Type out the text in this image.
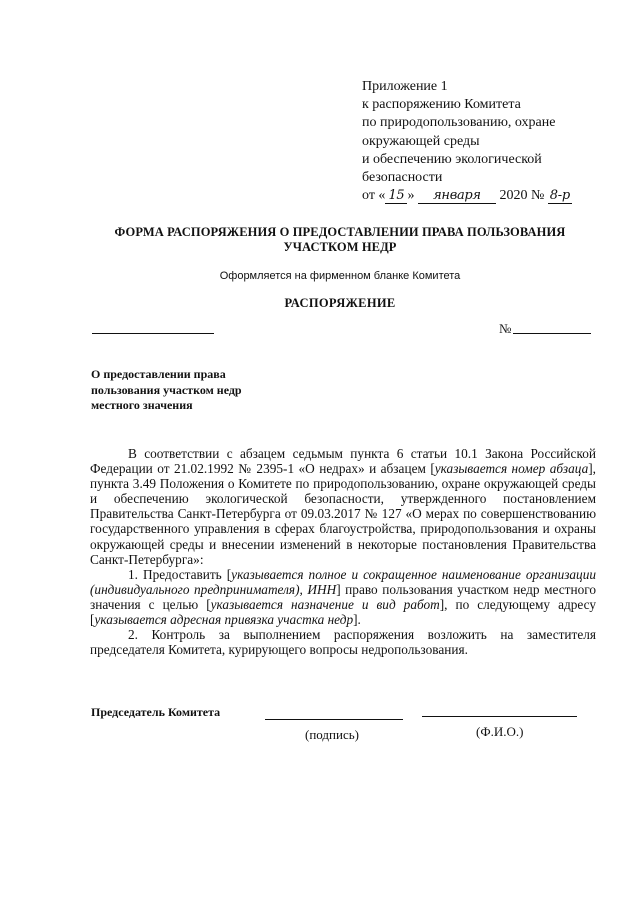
Приложение 1
к распоряжению Комитета
по природопользованию, охране
окружающей среды
и обеспечению экологической
безопасности
от « 15 » января 2020 № 8-р
ФОРМА РАСПОРЯЖЕНИЯ О ПРЕДОСТАВЛЕНИИ ПРАВА ПОЛЬЗОВАНИЯ
УЧАСТКОМ НЕДР
Оформляется на фирменном бланке Комитета
РАСПОРЯЖЕНИЕ
№
О предоставлении права
пользования участком недр
местного значения

В соответствии с абзацем седьмым пункта 6 статьи 10.1 Закона Российской Федерации от 21.02.1992 № 2395-1 «О недрах» и абзацем [указывается номер абзаца], пункта 3.49 Положения о Комитете по природопользованию, охране окружающей среды и обеспечению экологической безопасности, утвержденного постановлением Правительства Санкт-Петербурга от 09.03.2017 № 127 «О мерах по совершенствованию государственного управления в сферах благоустройства, природопользования и охраны окружающей среды и внесении изменений в некоторые постановления Правительства Санкт-Петербурга»:

1. Предоставить [указывается полное и сокращенное наименование организации (индивидуального предпринимателя), ИНН] право пользования участком недр местного значения с целью [указывается назначение и вид работ], по следующему адресу [указывается адресная привязка участка недр].

2. Контроль за выполнением распоряжения возложить на заместителя председателя Комитета, курирующего вопросы недропользования.

Председатель Комитета
(подпись)	(Ф.И.О.)
